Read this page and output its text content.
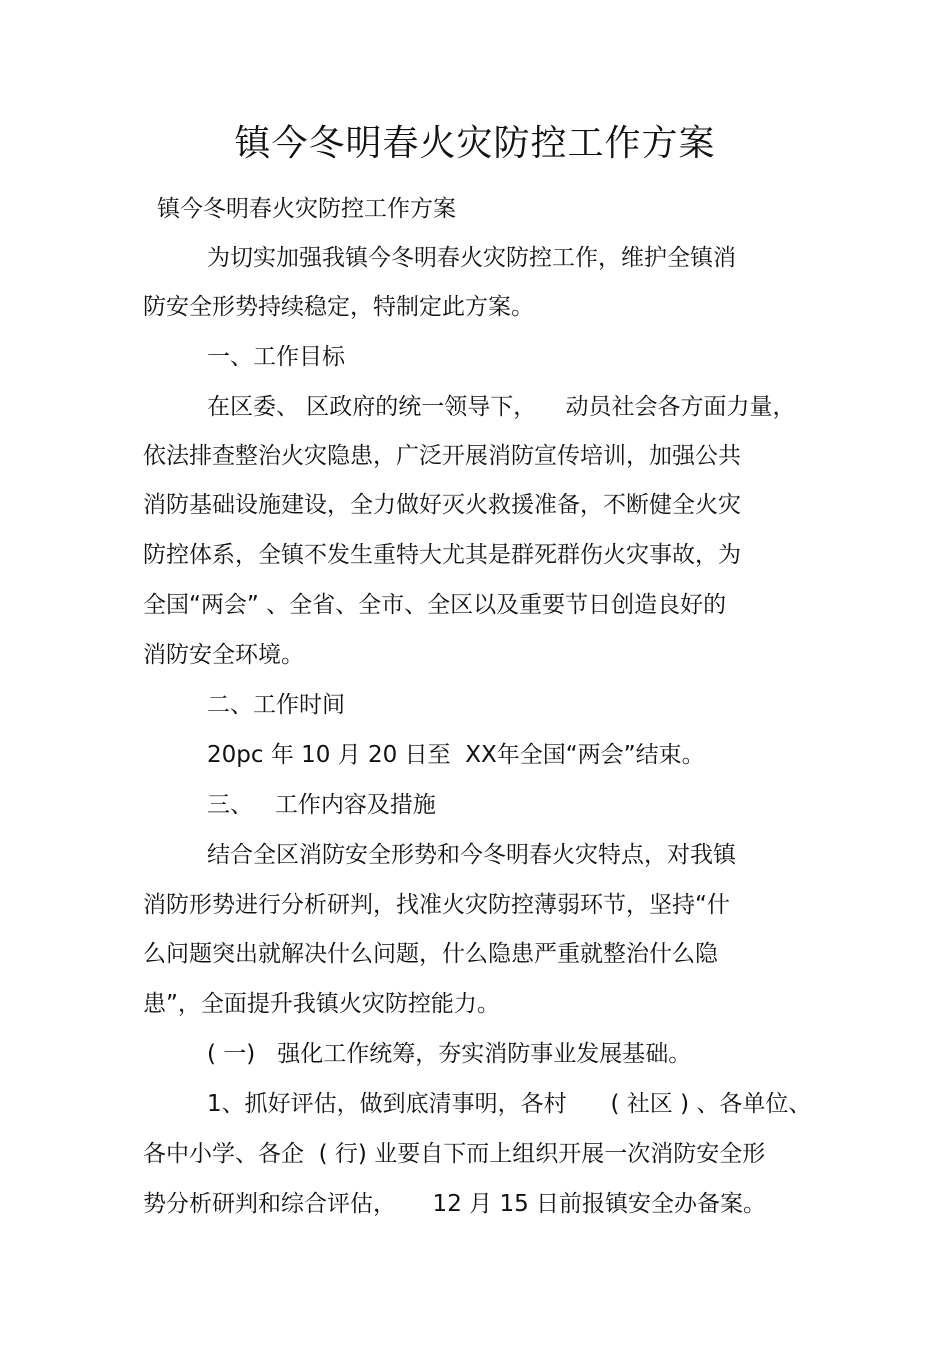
镇今冬明春火灾防控工作方案
镇今冬明春火灾防控工作方案
为切实加强我镇今冬明春火灾防控工作，维护全镇消
防安全形势持续稳定，特制定此方案。
一、工作目标
在区委、 区政府的统一领导下，    动员社会各方面力量，
依法排查整治火灾隐患，广泛开展消防宣传培训，加强公共
消防基础设施建设，全力做好灭火救援准备，不断健全火灾
防控体系，全镇不发生重特大尤其是群死群伤火灾事故，为
全国“两会” 、全省、全市、全区以及重要节日创造良好的
消防安全环境。
二、工作时间
20pc 年 10 月 20 日至  XX年全国“两会”结束。
三、   工作内容及措施
结合全区消防安全形势和今冬明春火灾特点，对我镇
消防形势进行分析研判，找准火灾防控薄弱环节，坚持“什
么问题突出就解决什么问题，什么隐患严重就整治什么隐
患”，全面提升我镇火灾防控能力。
( 一)   强化工作统筹，夯实消防事业发展基础。
1、抓好评估，做到底清事明，各村      ( 社区 ) 、各单位、
各中小学、各企  ( 行) 业要自下而上组织开展一次消防安全形
势分析研判和综合评估，     12 月 15 日前报镇安全办备案。
